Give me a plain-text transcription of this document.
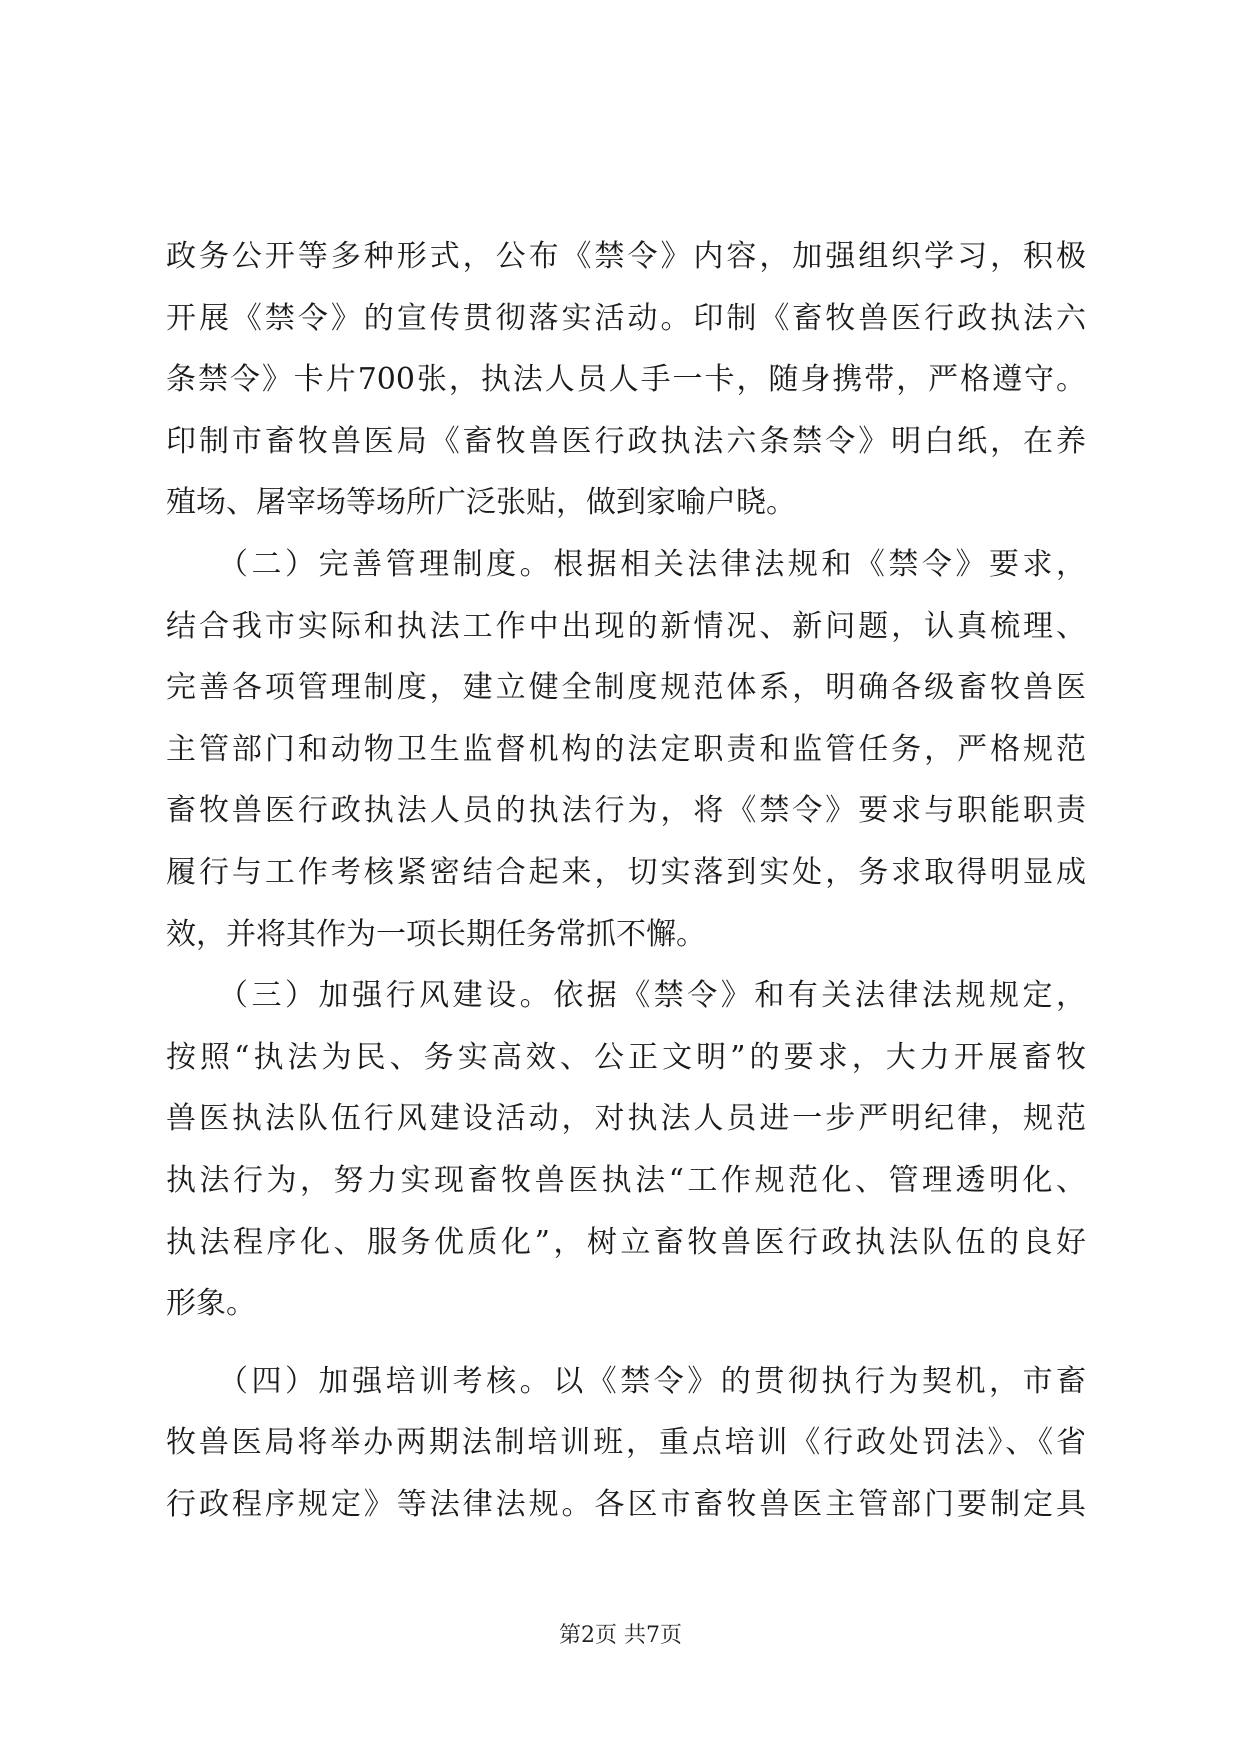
政务公开等多种形式，公布《禁令》内容，加强组织学习，积极
开展《禁令》的宣传贯彻落实活动。印制《畜牧兽医行政执法六
条禁令》卡片700张，执法人员人手一卡，随身携带，严格遵守。
印制市畜牧兽医局《畜牧兽医行政执法六条禁令》明白纸，在养
殖场、屠宰场等场所广泛张贴，做到家喻户晓。
（二）完善管理制度。根据相关法律法规和《禁令》要求，
结合我市实际和执法工作中出现的新情况、新问题，认真梳理、
完善各项管理制度，建立健全制度规范体系，明确各级畜牧兽医
主管部门和动物卫生监督机构的法定职责和监管任务，严格规范
畜牧兽医行政执法人员的执法行为，将《禁令》要求与职能职责
履行与工作考核紧密结合起来，切实落到实处，务求取得明显成
效，并将其作为一项长期任务常抓不懈。
（三）加强行风建设。依据《禁令》和有关法律法规规定，
按照“执法为民、务实高效、公正文明”的要求，大力开展畜牧
兽医执法队伍行风建设活动，对执法人员进一步严明纪律，规范
执法行为，努力实现畜牧兽医执法“工作规范化、管理透明化、
执法程序化、服务优质化”，树立畜牧兽医行政执法队伍的良好
形象。
（四）加强培训考核。以《禁令》的贯彻执行为契机，市畜
牧兽医局将举办两期法制培训班，重点培训《行政处罚法》、《省
行政程序规定》等法律法规。各区市畜牧兽医主管部门要制定具
第2页 共7页
